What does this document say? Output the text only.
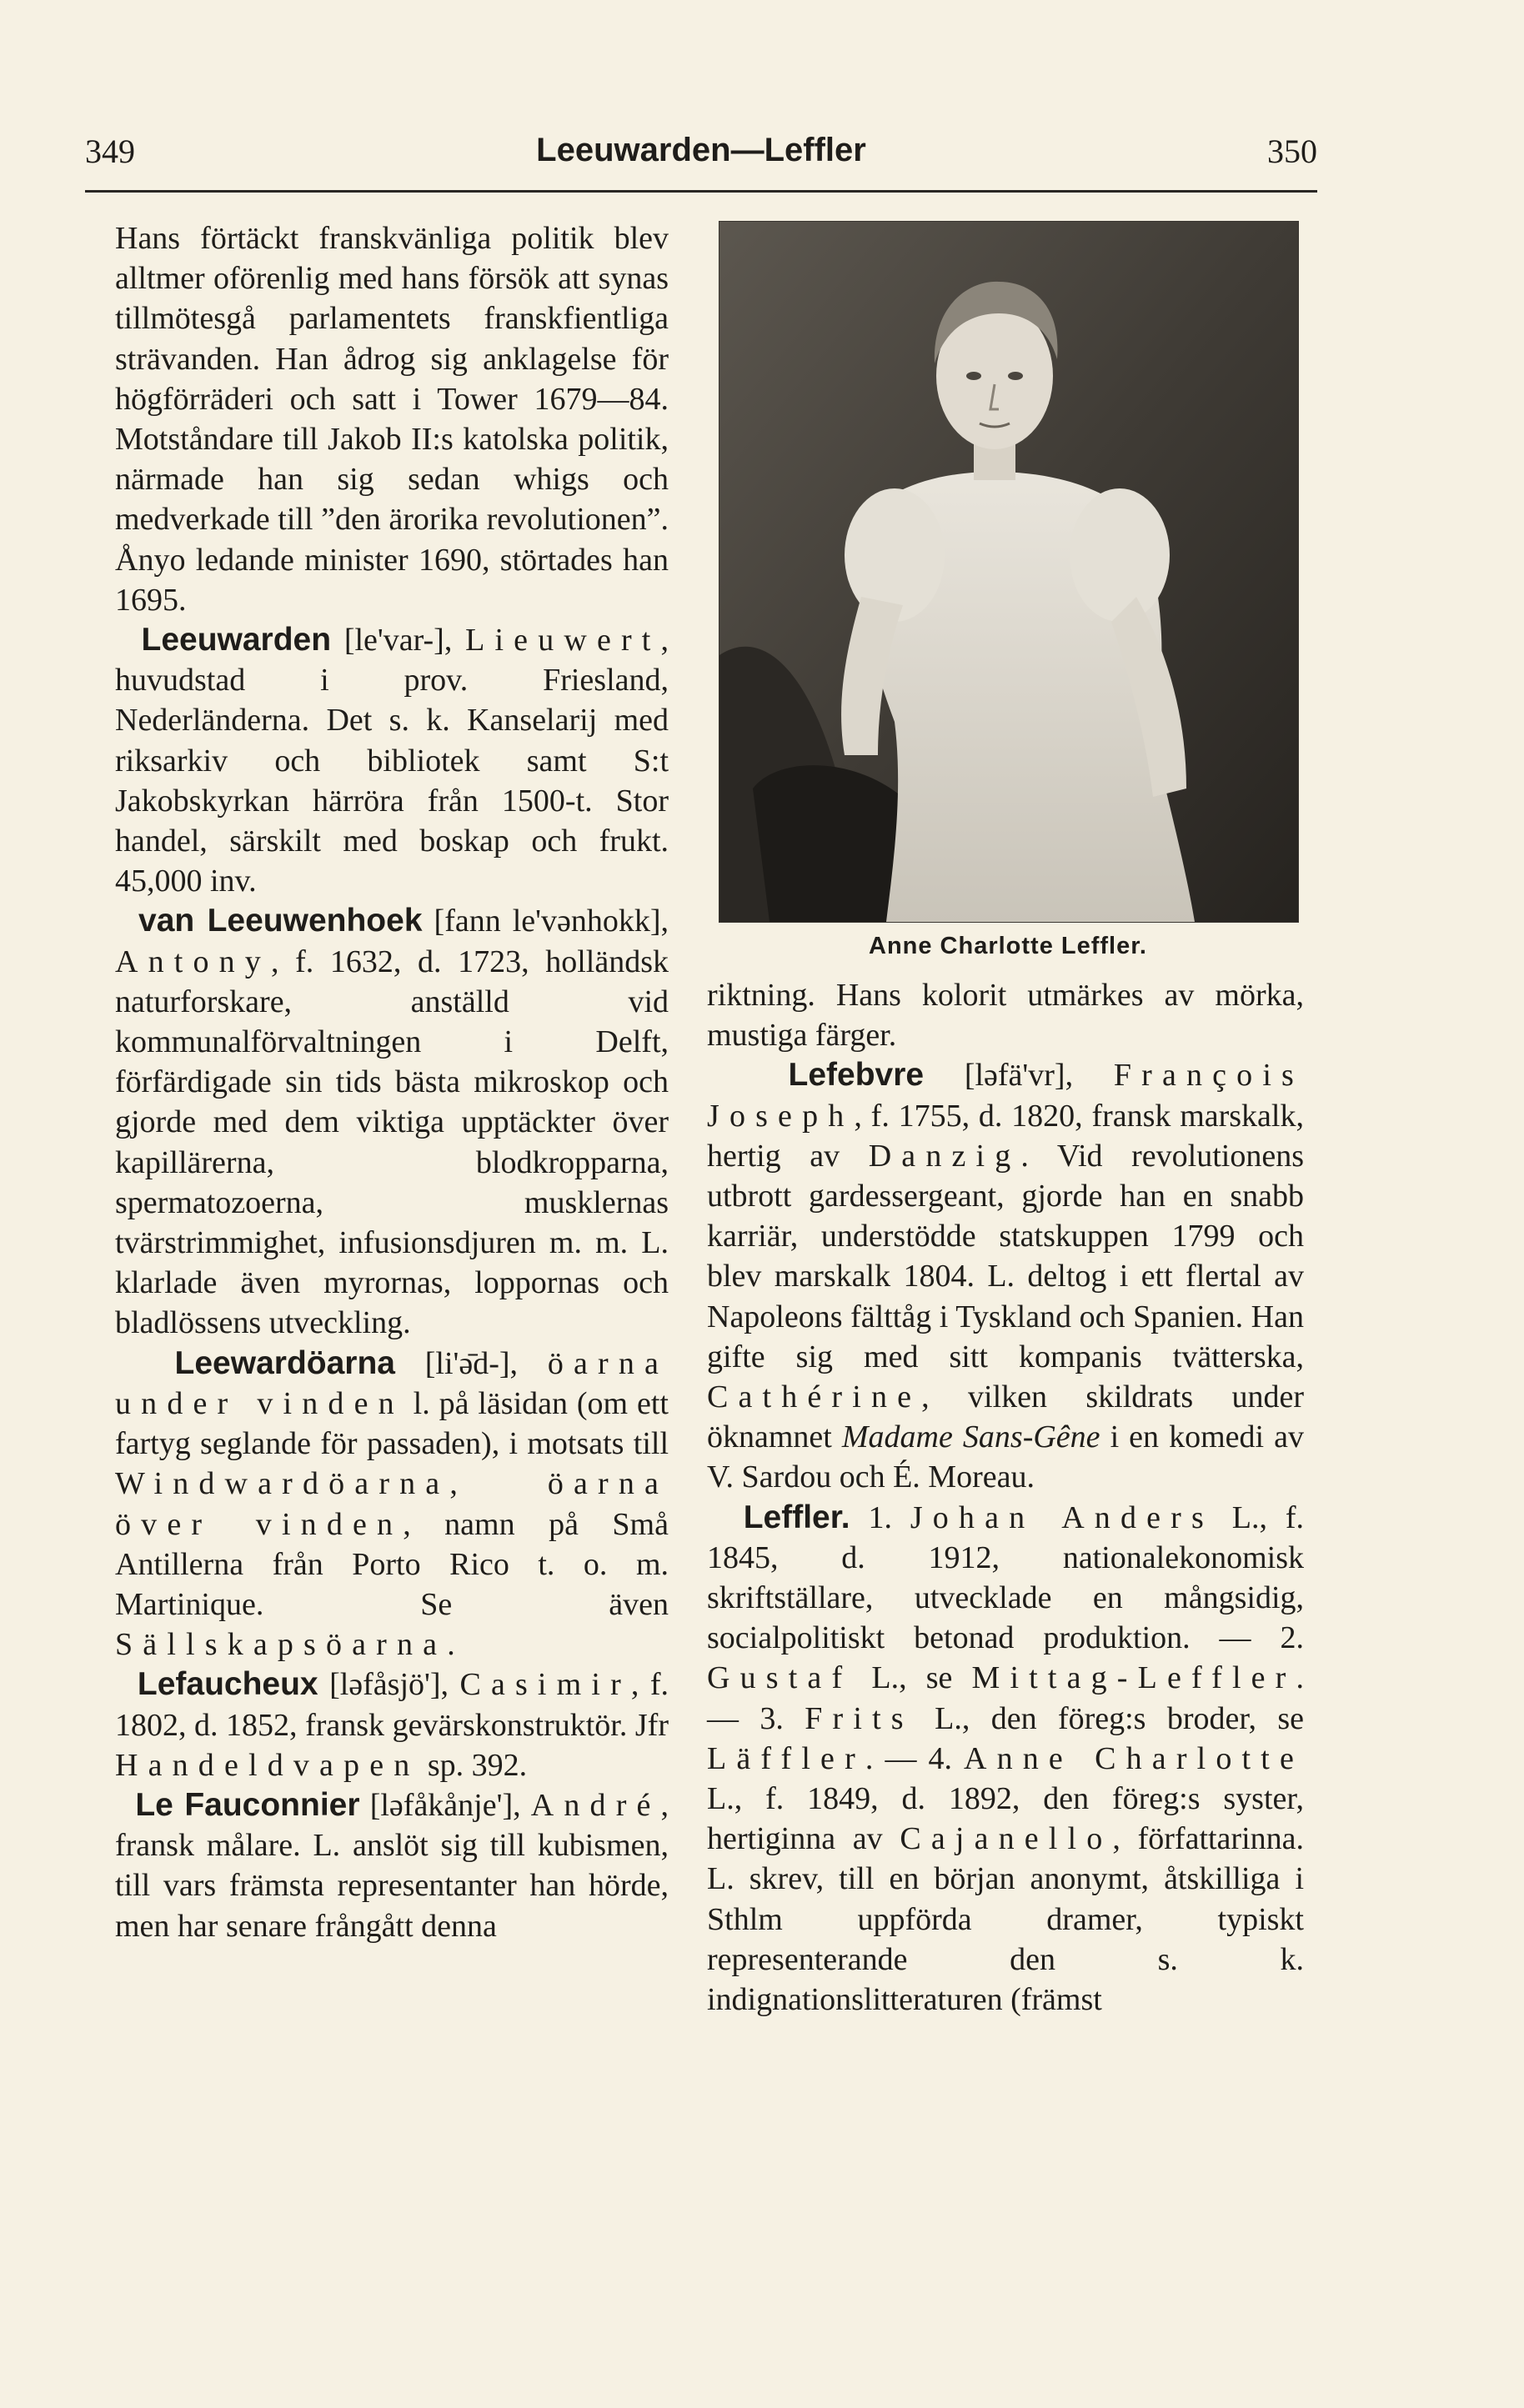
349	Leeuwarden—Leffler	350

Hans förtäckt franskvänliga politik blev alltmer oförenlig med hans försök att synas tillmötesgå parlamentets franskfientliga strävanden. Han ådrog sig anklagelse för högförräderi och satt i Tower 1679—84. Motståndare till Jakob II:s katolska politik, närmade han sig sedan whigs och medverkade till ”den ärorika revolutionen”. Ånyo ledande minister 1690, störtades han 1695.

Leeuwarden [le'var-], Lieuwert, huvudstad i prov. Friesland, Nederländerna. Det s. k. Kanselarij med riksarkiv och bibliotek samt S:t Jakobskyrkan härröra från 1500-t. Stor handel, särskilt med boskap och frukt. 45,000 inv.

van Leeuwenhoek [fann le'vənhokk], Antony, f. 1632, d. 1723, holländsk naturforskare, anställd vid kommunalförvaltningen i Delft, förfärdigade sin tids bästa mikroskop och gjorde med dem viktiga upptäckter över kapillärerna, blodkropparna, spermatozoerna, musklernas tvärstrimmighet, infusionsdjuren m. m. L. klarlade även myrornas, loppornas och bladlössens utveckling.

Leewardöarna [li'ə̄d-], öarna under vinden l. på läsidan (om ett fartyg seglande för passaden), i motsats till Windwardöarna, öarna över vinden, namn på Små Antillerna från Porto Rico t. o. m. Martinique. Se även Sällskapsöarna.

Lefaucheux [ləfåsjö'], Casimir, f. 1802, d. 1852, fransk gevärskonstruktör. Jfr Handeldvapen sp. 392.

Le Fauconnier [ləfåkånje'], André, fransk målare. L. anslöt sig till kubismen, till vars främsta representanter han hörde, men har senare frångått denna

Anne Charlotte Leffler.

riktning. Hans kolorit utmärkes av mörka, mustiga färger.

Lefebvre [ləfä'vr], François Joseph, f. 1755, d. 1820, fransk marskalk, hertig av Danzig. Vid revolutionens utbrott gardessergeant, gjorde han en snabb karriär, understödde statskuppen 1799 och blev marskalk 1804. L. deltog i ett flertal av Napoleons fälttåg i Tyskland och Spanien. Han gifte sig med sitt kompanis tvätterska, Cathérine, vilken skildrats under öknamnet Madame Sans-Gêne i en komedi av V. Sardou och É. Moreau.

Leffler. 1. Johan Anders L., f. 1845, d. 1912, nationalekonomisk skriftställare, utvecklade en mångsidig, socialpolitiskt betonad produktion. — 2. Gustaf L., se Mittag-Leffler. — 3. Frits L., den föreg:s broder, se Läffler. — 4. Anne Charlotte L., f. 1849, d. 1892, den föreg:s syster, hertiginna av Cajanello, författarinna. L. skrev, till en början anonymt, åtskilliga i Sthlm uppförda dramer, typiskt representerande den s. k. indignationslitteraturen (främst
